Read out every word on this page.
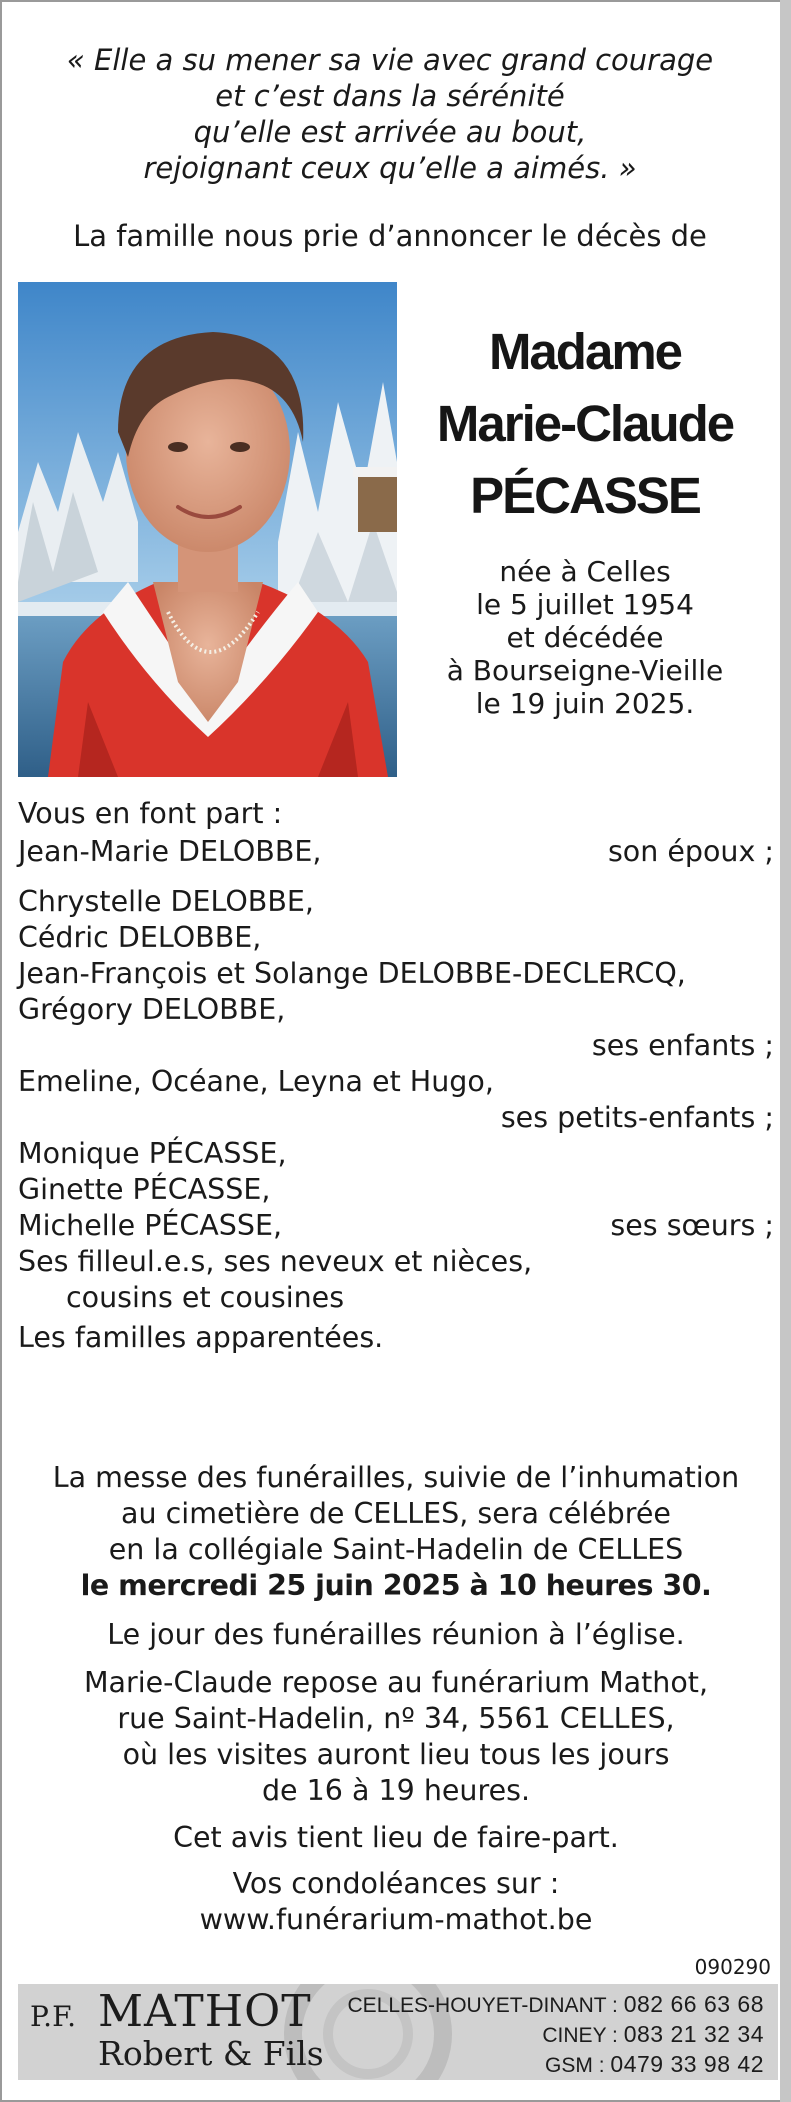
« Elle a su mener sa vie avec grand courage
et c’est dans la sérénité
qu’elle est arrivée au bout,
rejoignant ceux qu’elle a aimés. »
La famille nous prie d’annoncer le décès de
Madame
Marie-Claude
PÉCASSE
née à Celles
le 5 juillet 1954
et décédée
à Bourseigne-Vieille
le 19 juin 2025.
Vous en font part :
Jean-Marie DELOBBE,	son époux ;
Chrystelle DELOBBE,
Cédric DELOBBE,
Jean-François et Solange DELOBBE-DECLERCQ,
Grégory DELOBBE,
ses enfants ;
Emeline, Océane, Leyna et Hugo,
ses petits-enfants ;
Monique PÉCASSE,
Ginette PÉCASSE,
Michelle PÉCASSE,	ses sœurs ;
Ses filleul.e.s, ses neveux et nièces,
cousins et cousines
Les familles apparentées.
La messe des funérailles, suivie de l’inhumation
au cimetière de CELLES, sera célébrée
en la collégiale Saint-Hadelin de CELLES
le mercredi 25 juin 2025 à 10 heures 30.
Le jour des funérailles réunion à l’église.
Marie-Claude repose au funérarium Mathot,
rue Saint-Hadelin, nº 34, 5561 CELLES,
où les visites auront lieu tous les jours
de 16 à 19 heures.
Cet avis tient lieu de faire-part.
Vos condoléances sur :
www.funérarium-mathot.be
090290
P.F. MATHOT
Robert & Fils
CELLES-HOUYET-DINANT : 082 66 63 68
CINEY : 083 21 32 34
GSM : 0479 33 98 42
